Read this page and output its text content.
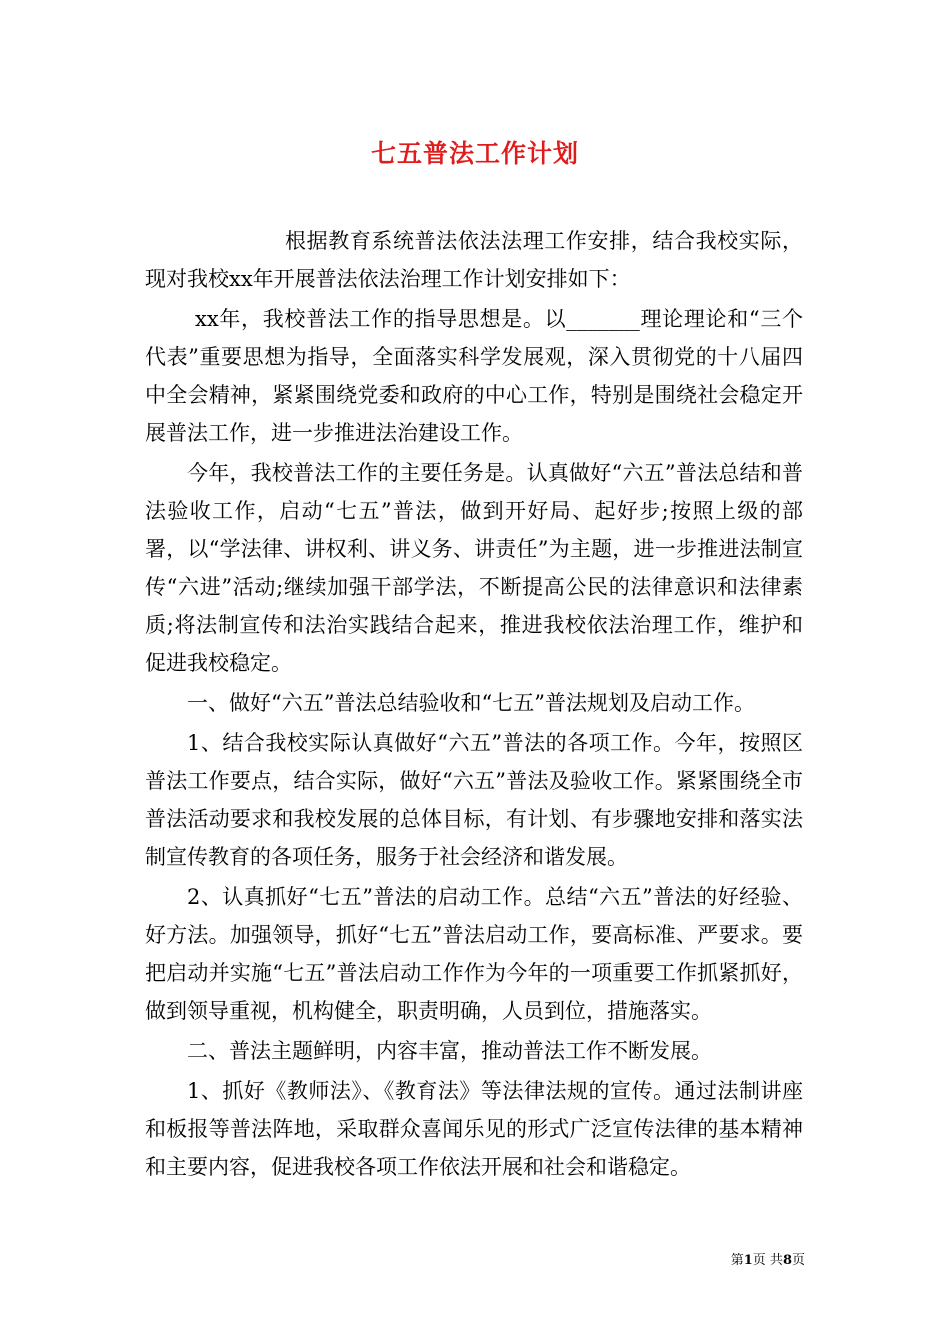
七五普法工作计划

根据教育系统普法依法法理工作安排，结合我校实际，现对我校xx年开展普法依法治理工作计划安排如下：

xx年，我校普法工作的指导思想是。以_______理论理论和“三个代表”重要思想为指导，全面落实科学发展观，深入贯彻党的十八届四中全会精神，紧紧围绕党委和政府的中心工作，特别是围绕社会稳定开展普法工作，进一步推进法治建设工作。

今年，我校普法工作的主要任务是。认真做好“六五”普法总结和普法验收工作，启动“七五”普法，做到开好局、起好步;按照上级的部署，以“学法律、讲权利、讲义务、讲责任”为主题，进一步推进法制宣传“六进”活动;继续加强干部学法，不断提高公民的法律意识和法律素质;将法制宣传和法治实践结合起来，推进我校依法治理工作，维护和促进我校稳定。

一、做好“六五”普法总结验收和“七五”普法规划及启动工作。

1、结合我校实际认真做好“六五”普法的各项工作。今年，按照区普法工作要点，结合实际，做好“六五”普法及验收工作。紧紧围绕全市普法活动要求和我校发展的总体目标，有计划、有步骤地安排和落实法制宣传教育的各项任务，服务于社会经济和谐发展。

2、认真抓好“七五”普法的启动工作。总结“六五”普法的好经验、好方法。加强领导，抓好“七五”普法启动工作，要高标准、严要求。要把启动并实施“七五”普法启动工作作为今年的一项重要工作抓紧抓好，做到领导重视，机构健全，职责明确，人员到位，措施落实。

二、普法主题鲜明，内容丰富，推动普法工作不断发展。

1、抓好《教师法》、《教育法》等法律法规的宣传。通过法制讲座和板报等普法阵地，采取群众喜闻乐见的形式广泛宣传法律的基本精神和主要内容，促进我校各项工作依法开展和社会和谐稳定。

第1页 共8页
